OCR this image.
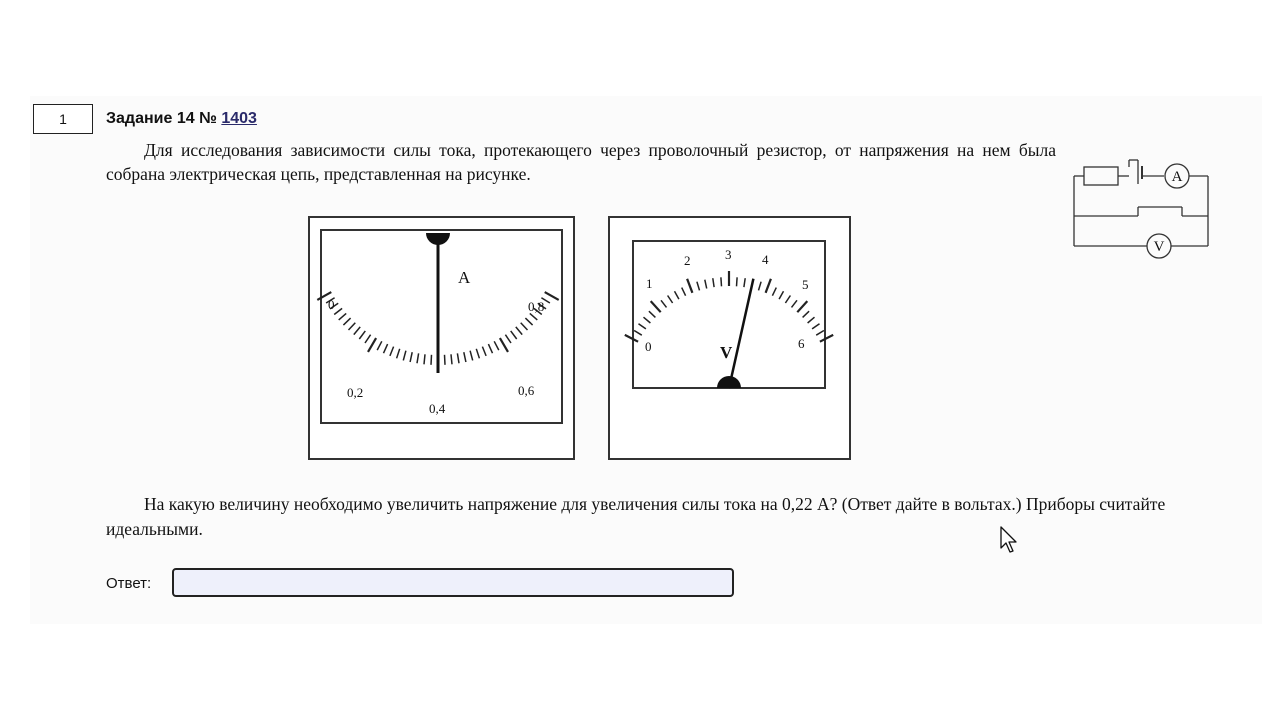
1 Задание 14 № 1403

Для исследования зависимости силы тока, протекающего через проволочный резистор, от напряжения на нем была собрана электрическая цепь, представленная на рисунке.	A
V
A
0
0,2
0,4
0,6
0,8
V
0
1
2	3 4
5
6

На какую величину необходимо увеличить напряжение для увеличения силы тока на 0,22 А? (Ответ дайте в вольтах.) Приборы считайте идеальными.

Ответ:
